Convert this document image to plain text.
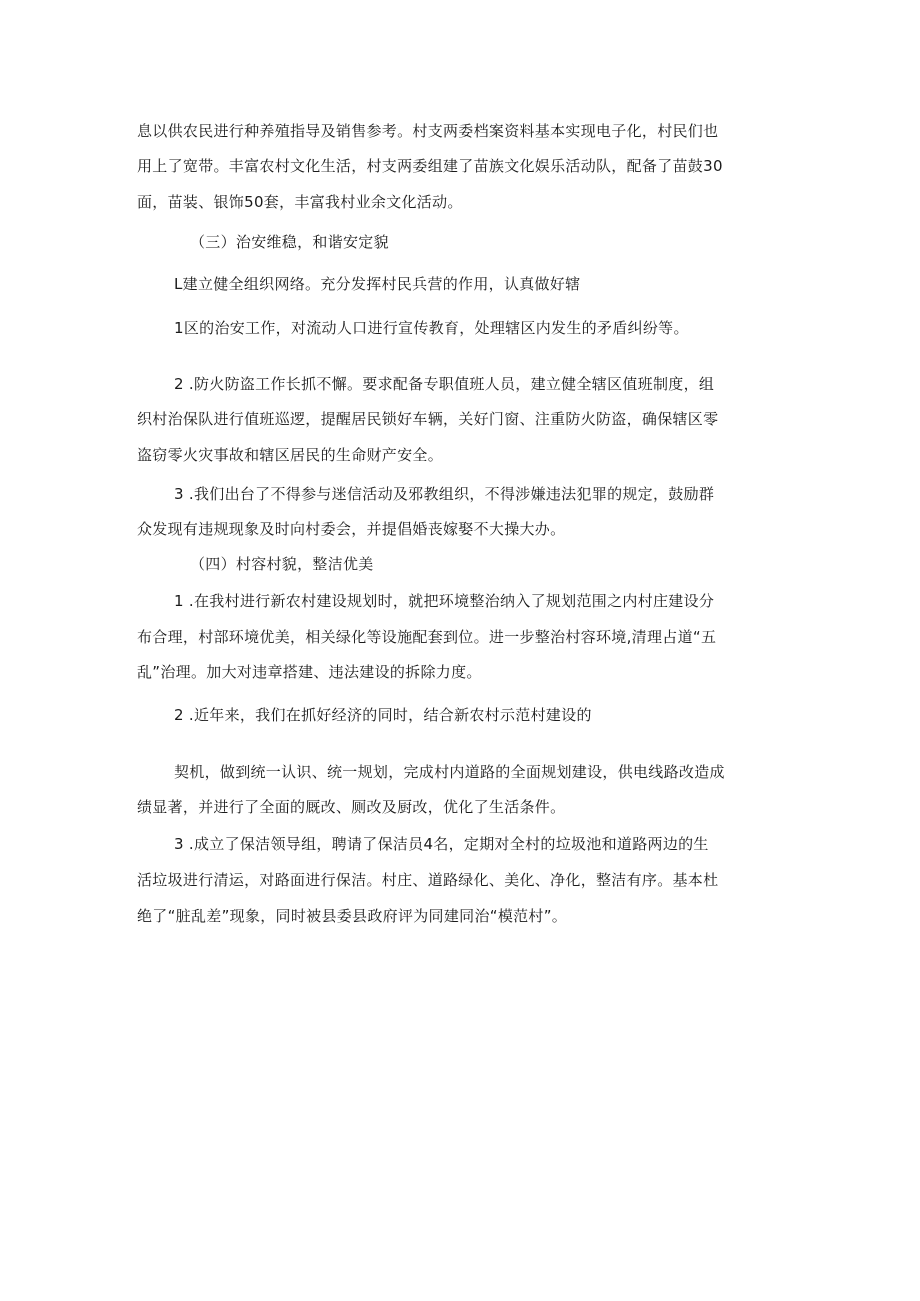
息以供农民进行种养殖指导及销售参考。村支两委档案资料基本实现电子化，村民们也
用上了宽带。丰富农村文化生活，村支两委组建了苗族文化娱乐活动队，配备了苗鼓30
面，苗装、银饰50套，丰富我村业余文化活动。
（三）治安维稳，和谐安定貌
L建立健全组织网络。充分发挥村民兵营的作用，认真做好辖
1区的治安工作，对流动人口进行宣传教育，处理辖区内发生的矛盾纠纷等。
2 .防火防盗工作长抓不懈。要求配备专职值班人员，建立健全辖区值班制度，组
织村治保队进行值班巡逻，提醒居民锁好车辆，关好门窗、注重防火防盗，确保辖区零
盗窃零火灾事故和辖区居民的生命财产安全。
3 .我们出台了不得参与迷信活动及邪教组织，不得涉嫌违法犯罪的规定，鼓励群
众发现有违规现象及时向村委会，并提倡婚丧嫁娶不大操大办。
（四）村容村貌，整洁优美
1 .在我村进行新农村建设规划时，就把环境整治纳入了规划范围之内村庄建设分
布合理，村部环境优美，相关绿化等设施配套到位。进一步整治村容环境,清理占道“五
乱”治理。加大对违章搭建、违法建设的拆除力度。
2 .近年来，我们在抓好经济的同时，结合新农村示范村建设的
契机，做到统一认识、统一规划，完成村内道路的全面规划建设，供电线路改造成
绩显著，并进行了全面的厩改、厕改及厨改，优化了生活条件。
3 .成立了保洁领导组，聘请了保洁员4名，定期对全村的垃圾池和道路两边的生
活垃圾进行清运，对路面进行保洁。村庄、道路绿化、美化、净化，整洁有序。基本杜
绝了“脏乱差”现象，同时被县委县政府评为同建同治“模范村”。
